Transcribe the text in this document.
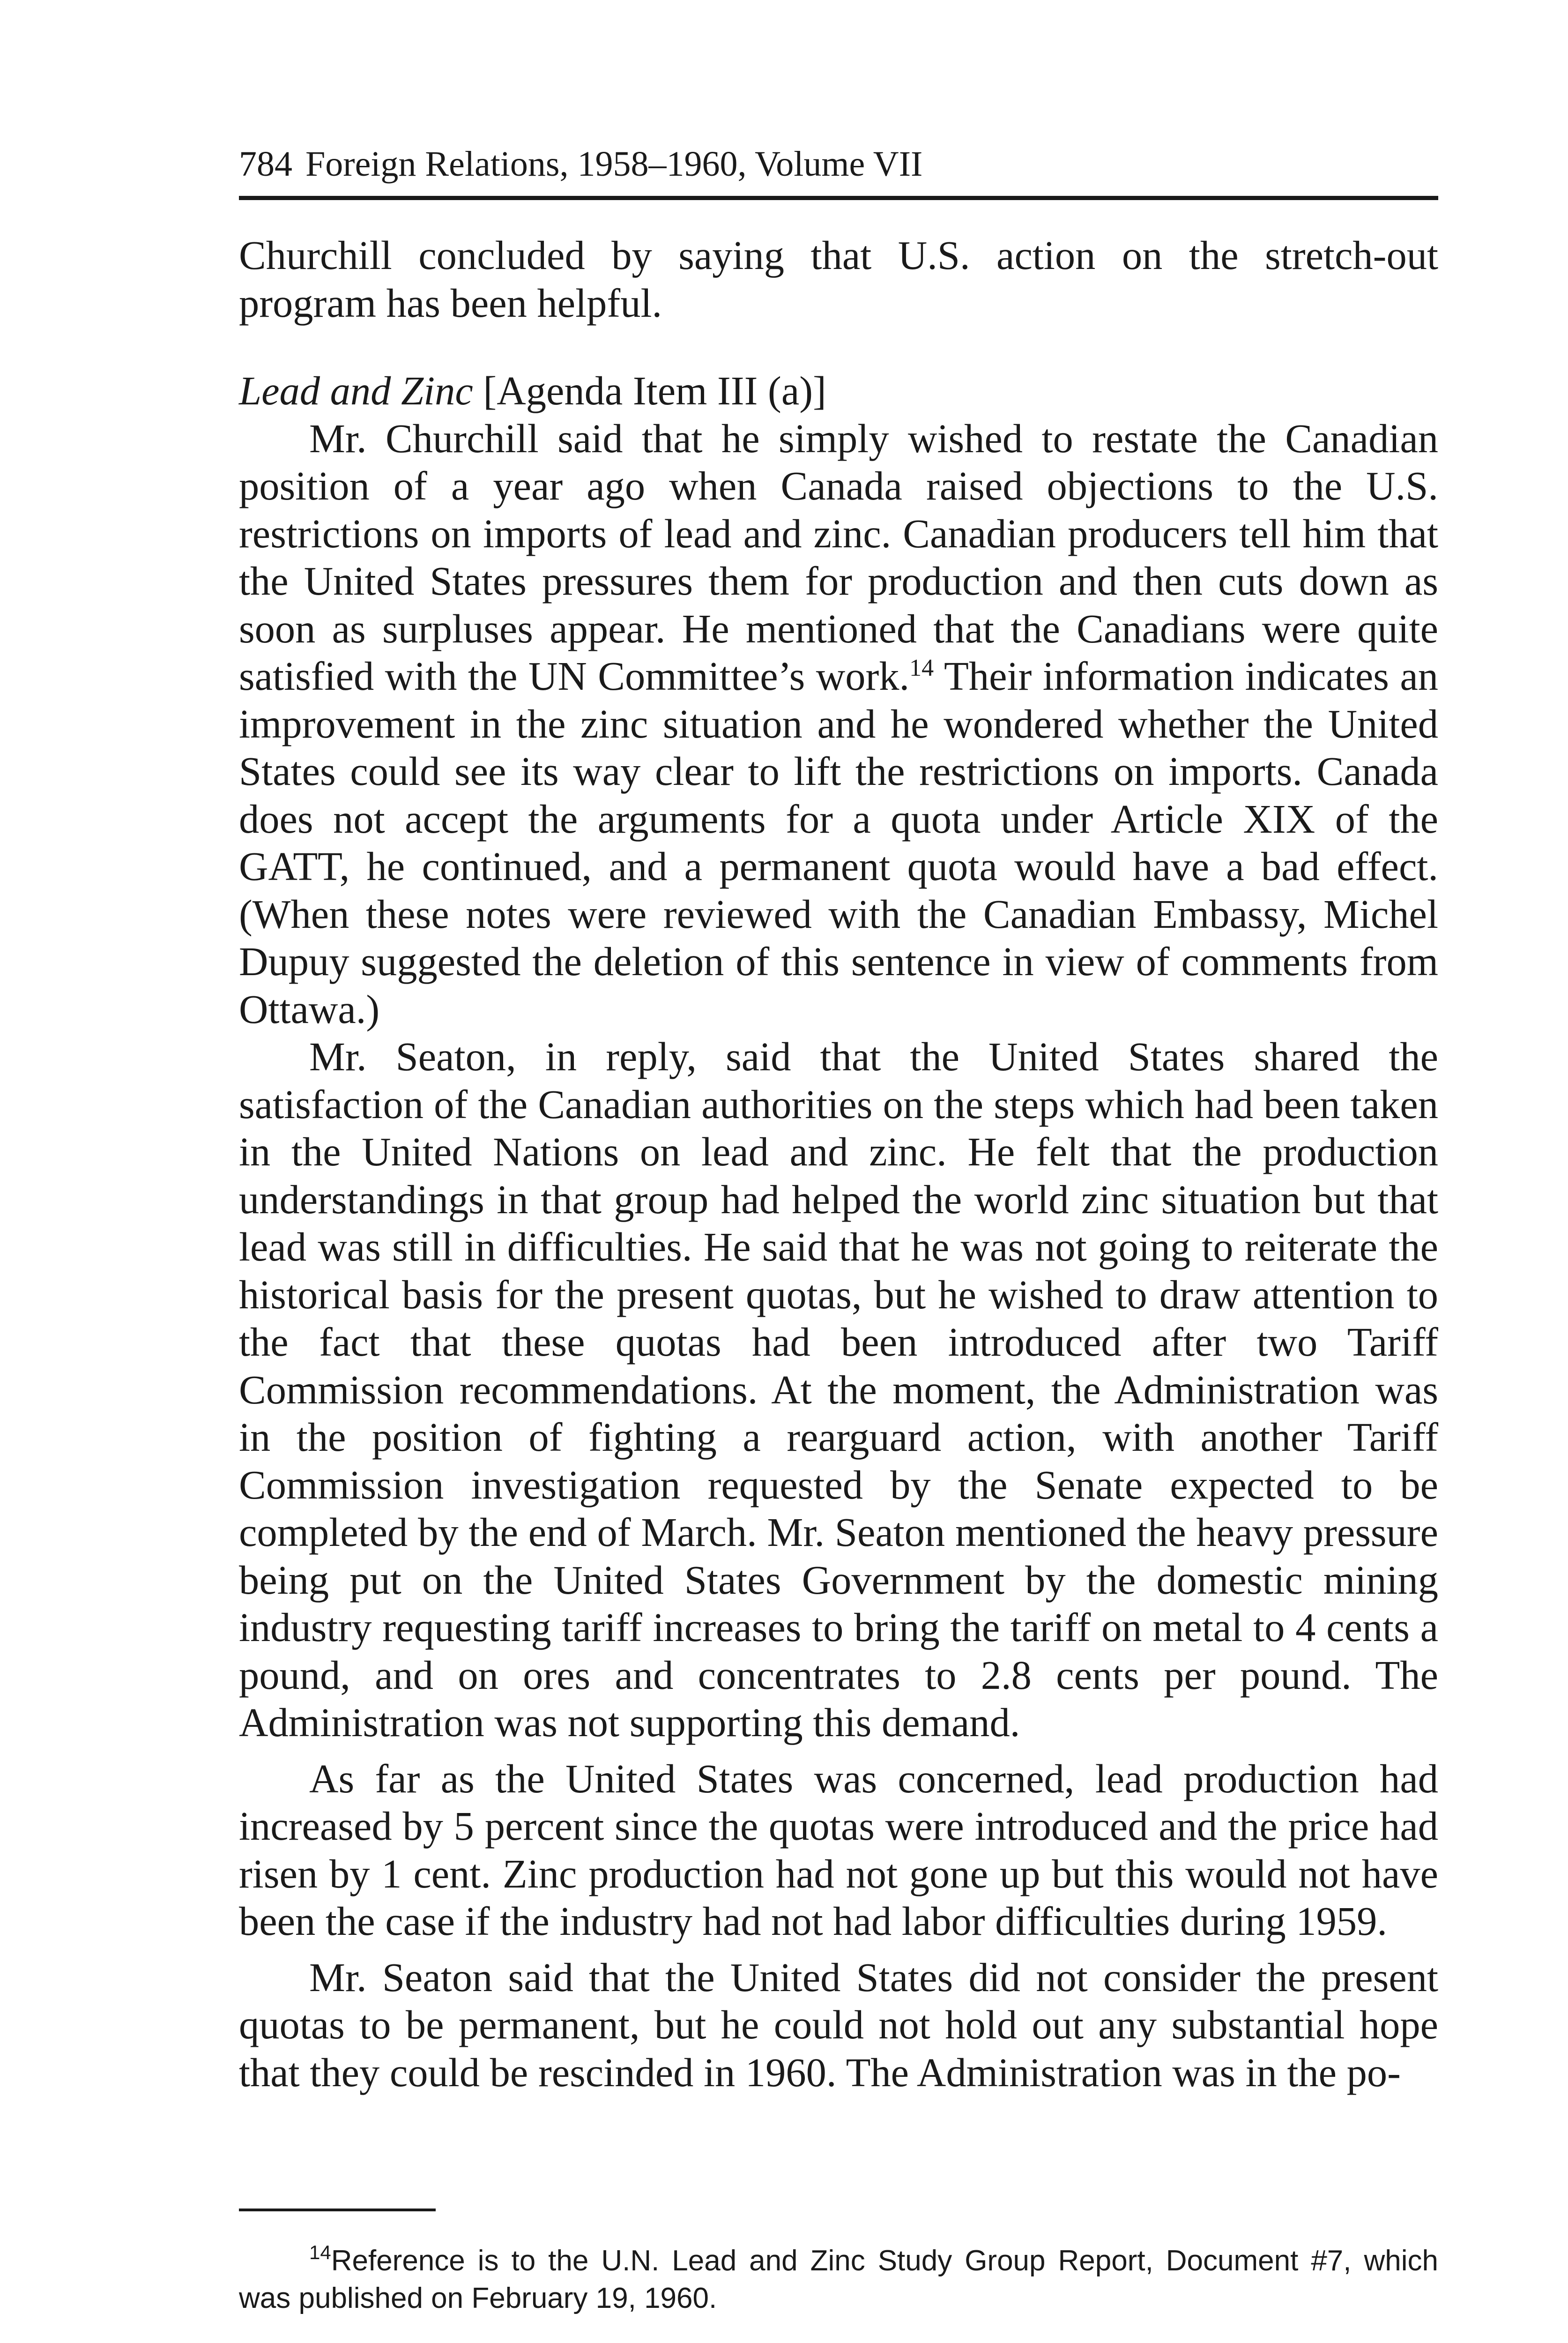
784 Foreign Relations, 1958–1960, Volume VII

Churchill concluded by saying that U.S. action on the stretch-out program has been helpful.

Lead and Zinc [Agenda Item III (a)]

Mr. Churchill said that he simply wished to restate the Canadian position of a year ago when Canada raised objections to the U.S. restrictions on imports of lead and zinc. Canadian producers tell him that the United States pressures them for production and then cuts down as soon as surpluses appear. He mentioned that the Canadians were quite satisfied with the UN Committee’s work.$^{14}$ Their information indicates an improvement in the zinc situation and he wondered whether the United States could see its way clear to lift the restrictions on imports. Canada does not accept the arguments for a quota under Article XIX of the GATT, he continued, and a permanent quota would have a bad effect. (When these notes were reviewed with the Canadian Embassy, Michel Dupuy suggested the deletion of this sentence in view of comments from Ottawa.)

Mr. Seaton, in reply, said that the United States shared the satisfaction of the Canadian authorities on the steps which had been taken in the United Nations on lead and zinc. He felt that the production understandings in that group had helped the world zinc situation but that lead was still in difficulties. He said that he was not going to reiterate the historical basis for the present quotas, but he wished to draw attention to the fact that these quotas had been introduced after two Tariff Commission recommendations. At the moment, the Administration was in the position of fighting a rearguard action, with another Tariff Commission investigation requested by the Senate expected to be completed by the end of March. Mr. Seaton mentioned the heavy pressure being put on the United States Government by the domestic mining industry requesting tariff increases to bring the tariff on metal to 4 cents a pound, and on ores and concentrates to 2.8 cents per pound. The Administration was not supporting this demand.

As far as the United States was concerned, lead production had increased by 5 percent since the quotas were introduced and the price had risen by 1 cent. Zinc production had not gone up but this would not have been the case if the industry had not had labor difficulties during 1959.

Mr. Seaton said that the United States did not consider the present quotas to be permanent, but he could not hold out any substantial hope that they could be rescinded in 1960. The Administration was in the po-

$^{14}$Reference is to the U.N. Lead and Zinc Study Group Report, Document #7, which was published on February 19, 1960.
